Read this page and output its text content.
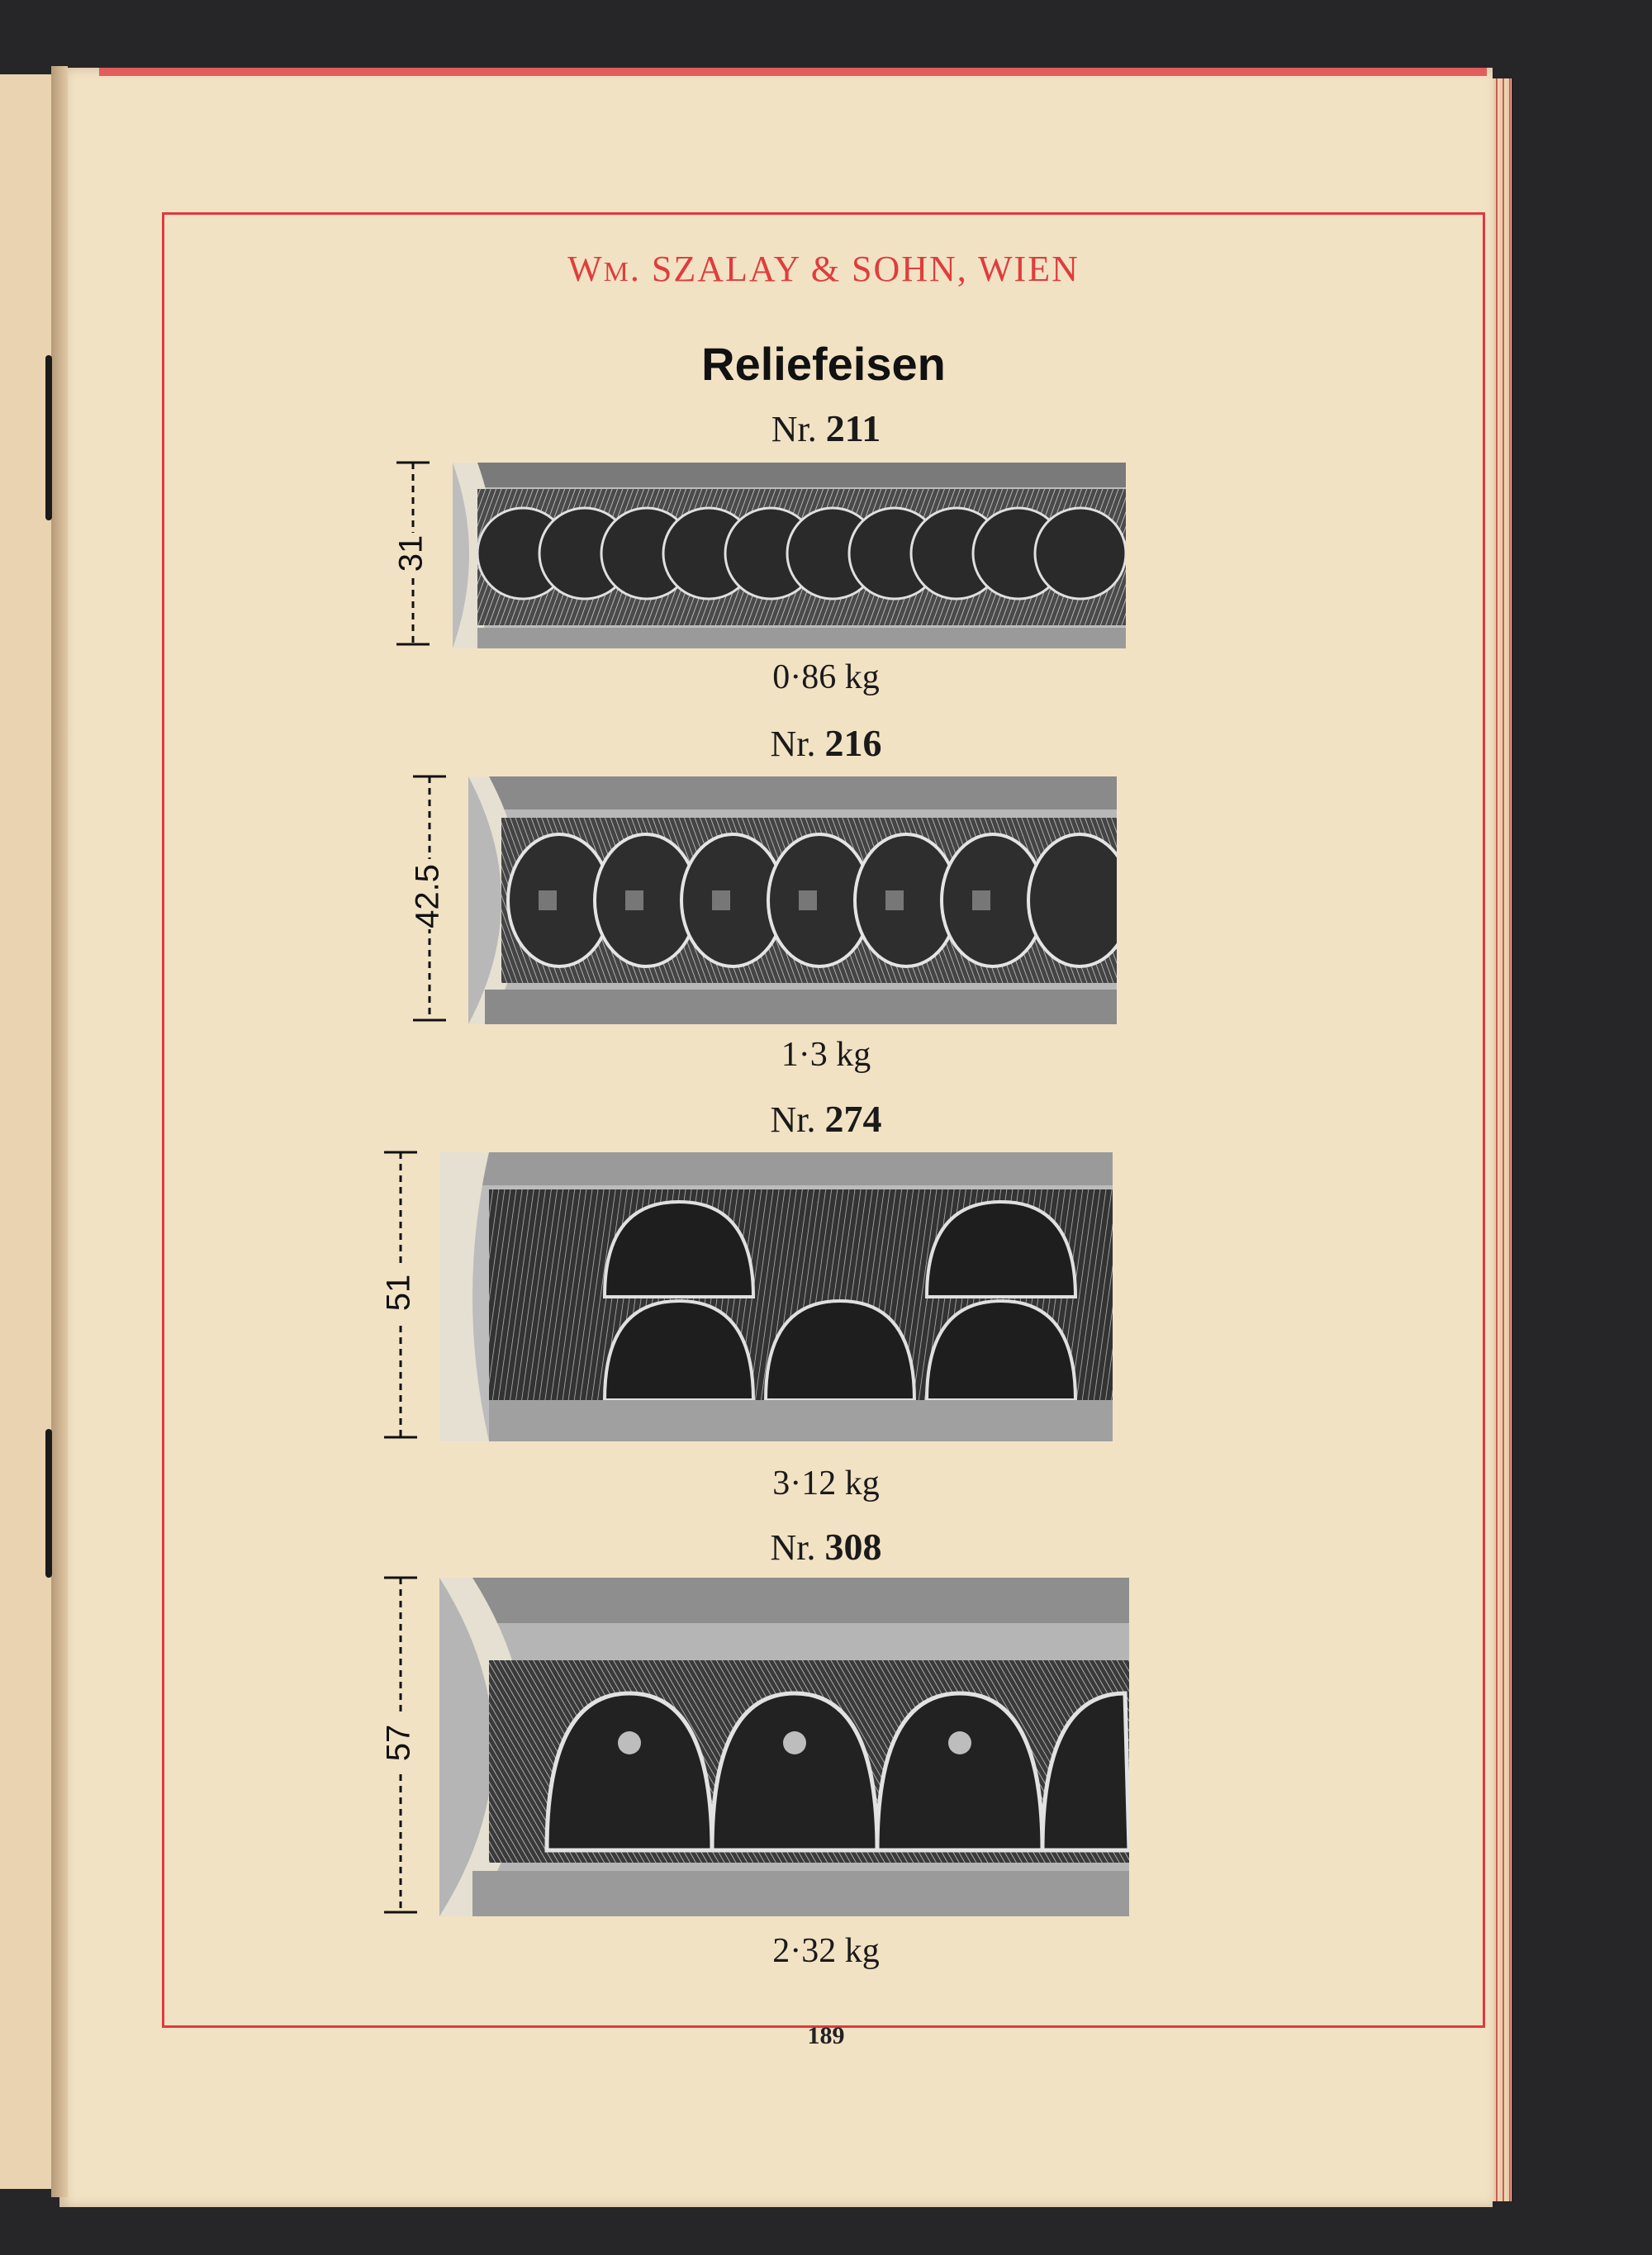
WM. SZALAY & SOHN, WIEN
Reliefeisen
Nr. 211
31
0·86 kg
Nr. 216
42.5
1·3 kg
Nr. 274
51
3·12 kg
Nr. 308
57
2·32 kg
189
